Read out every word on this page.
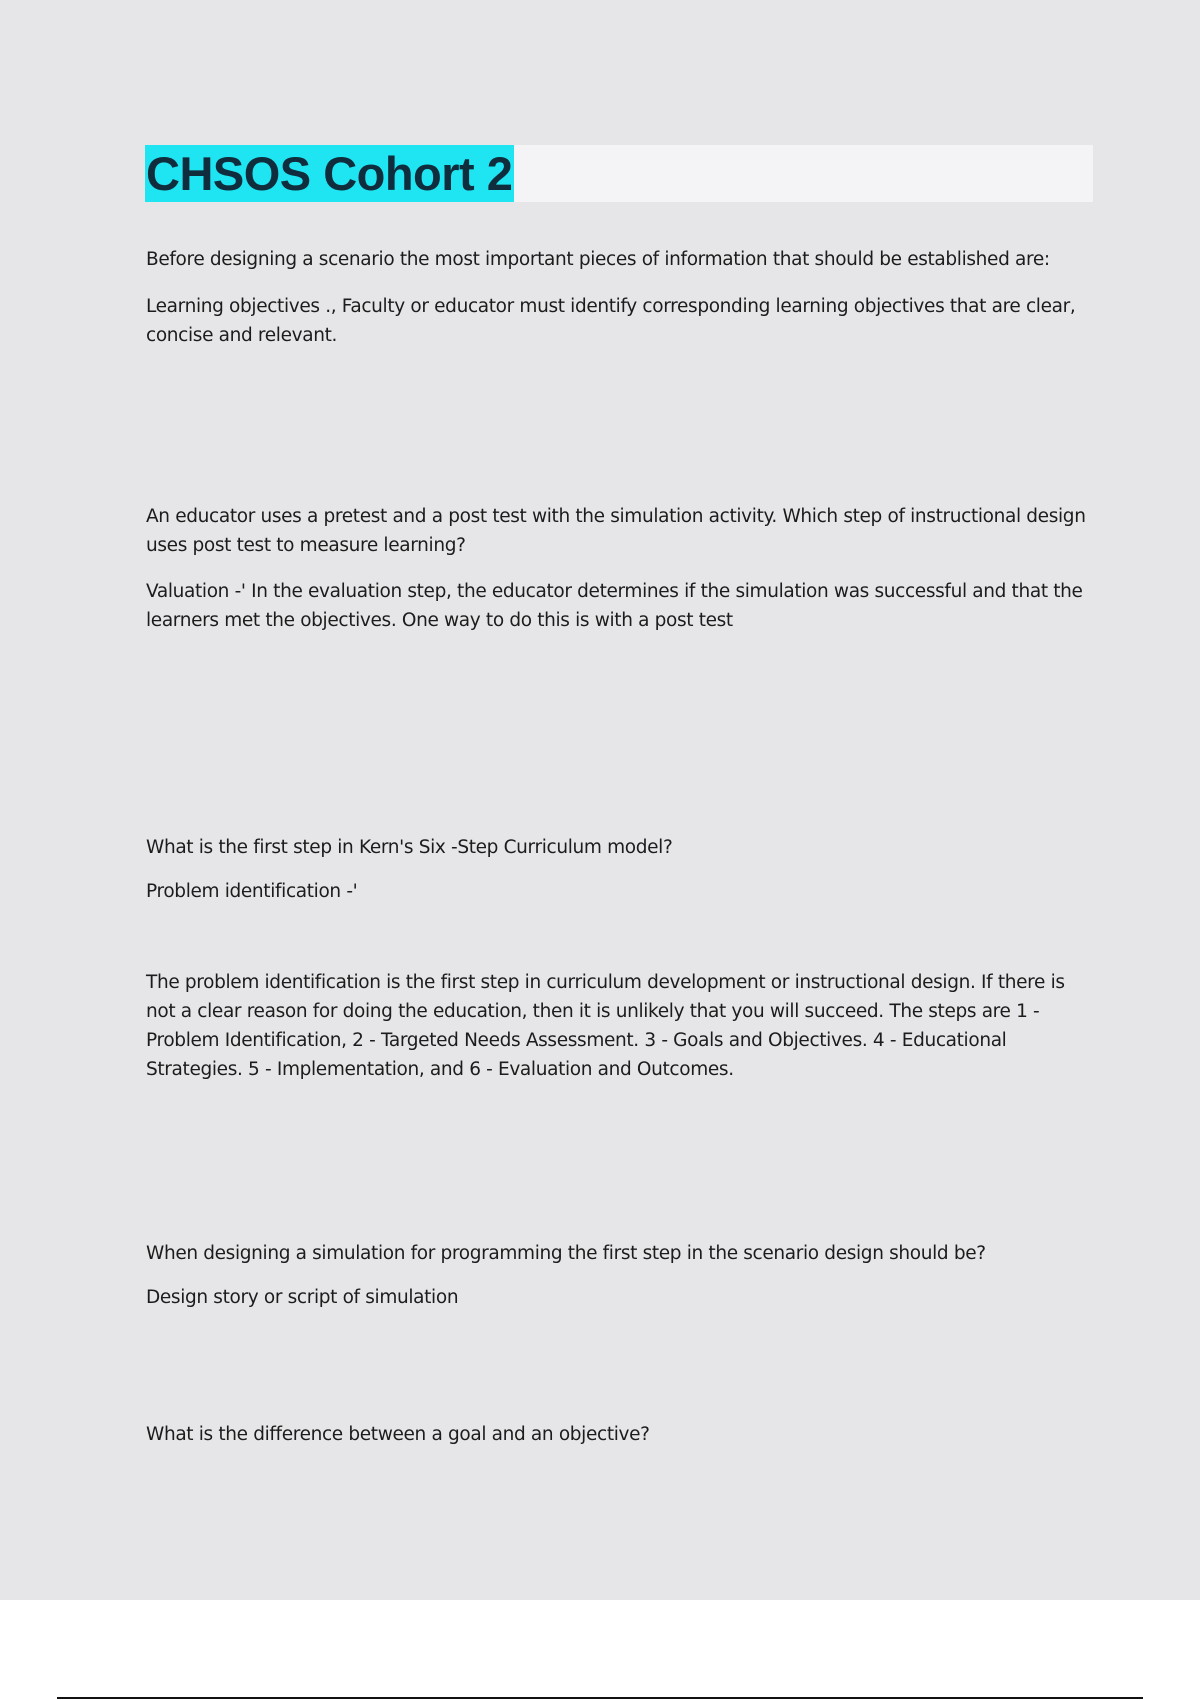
CHSOS Cohort 2

Before designing a scenario the most important pieces of information that should be established are:

Learning objectives ., Faculty or educator must identify corresponding learning objectives that are clear, concise and relevant.

An educator uses a pretest and a post test with the simulation activity. Which step of instructional design uses post test to measure learning?

Valuation -' In the evaluation step, the educator determines if the simulation was successful and that the learners met the objectives. One way to do this is with a post test

What is the first step in Kern's Six -Step Curriculum model?

Problem identification -'

The problem identification is the first step in curriculum development or instructional design. If there is not a clear reason for doing the education, then it is unlikely that you will succeed. The steps are 1 - Problem Identification, 2 - Targeted Needs Assessment. 3 - Goals and Objectives. 4 - Educational Strategies. 5 - Implementation, and 6 - Evaluation and Outcomes.

When designing a simulation for programming the first step in the scenario design should be?

Design story or script of simulation

What is the difference between a goal and an objective?
